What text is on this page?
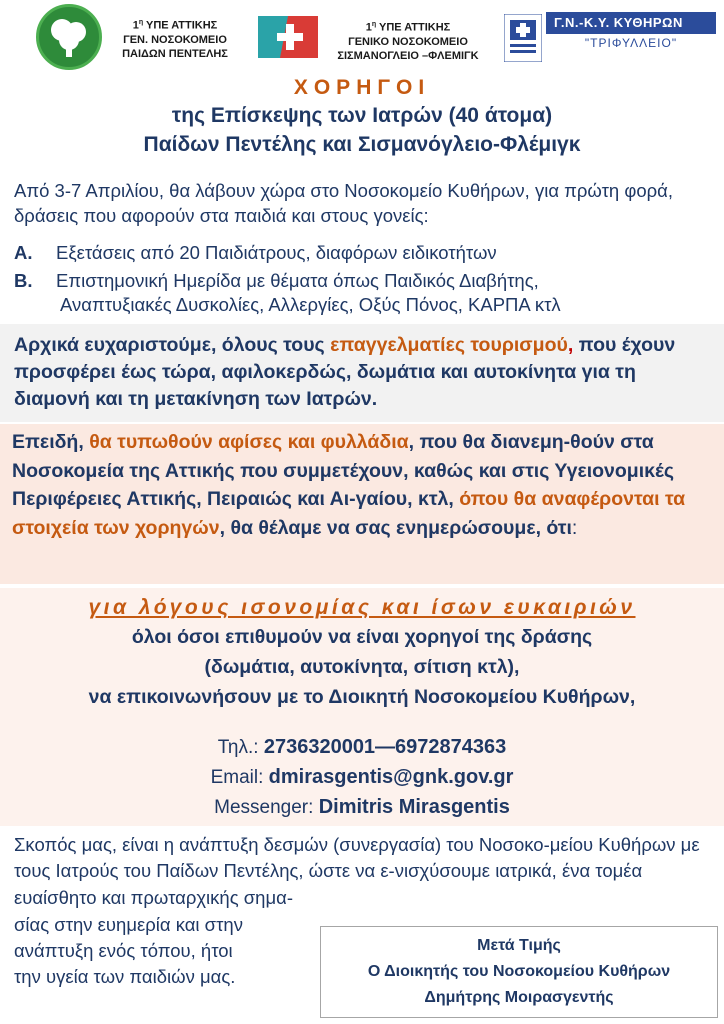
$1^\eta$ ΥΠΕ ΑΤΤΙΚΗΣ
ΓΕΝ. ΝΟΣΟΚΟΜΕΙΟ
ΠΑΙΔΩΝ ΠΕΝΤΕΛΗΣ
$1^\eta$ ΥΠΕ ΑΤΤΙΚΗΣ
ΓΕΝΙΚΟ ΝΟΣΟΚΟΜΕΙΟ
ΣΙΣΜΑΝΟΓΛΕΙΟ –ΦΛΕΜΙΓΚ
Γ.Ν.-Κ.Υ. ΚΥΘΗΡΩΝ
"ΤΡΙΦΥΛΛΕΙΟ"
ΧΟΡΗΓΟΙ
της Επίσκεψης των Ιατρών (40 άτομα)
Παίδων Πεντέλης και Σισμανόγλειο-Φλέμιγκ

Από 3-7 Απριλίου, θα λάβουν χώρα στο Νοσοκομείο Κυθήρων, για πρώτη φορά, δράσεις που αφορούν στα παιδιά και στους γονείς:

Α. Εξετάσεις από 20 Παιδιάτρους, διαφόρων ειδικοτήτων
Β. Επιστημονική Ημερίδα με θέματα όπως Παιδικός Διαβήτης,
Αναπτυξιακές Δυσκολίες, Αλλεργίες, Οξύς Πόνος, ΚΑΡΠΑ κτλ

Αρχικά ευχαριστούμε, όλους τους επαγγελματίες τουρισμού, που έχουν προσφέρει έως τώρα, αφιλοκερδώς, δωμάτια και αυτοκίνητα για τη διαμονή και τη μετακίνηση των Ιατρών.

Επειδή, θα τυπωθούν αφίσες και φυλλάδια, που θα διανεμη-θούν στα Νοσοκομεία της Αττικής που συμμετέχουν, καθώς και στις Υγειονομικές Περιφέρειες Αττικής, Πειραιώς και Αι-γαίου, κτλ, όπου θα αναφέρονται τα στοιχεία των χορηγών, θα θέλαμε να σας ενημερώσουμε, ότι:

για λόγους ισονομίας και ίσων ευκαιριών
όλοι όσοι επιθυμούν να είναι χορηγοί της δράσης
(δωμάτια, αυτοκίνητα, σίτιση κτλ),
να επικοινωνήσουν με το Διοικητή Νοσοκομείου Κυθήρων,
Τηλ.: 2736320001—6972874363
Email: dmirasgentis@gnk.gov.gr
Messenger: Dimitris Mirasgentis

Σκοπός μας, είναι η ανάπτυξη δεσμών (συνεργασία) του Νοσοκο-μείου Κυθήρων με τους Ιατρούς του Παίδων Πεντέλης, ώστε να ε-νισχύσουμε ιατρικά, ένα τομέα ευαίσθητο και πρωταρχικής σημα-

σίας στην ευημερία και στην
ανάπτυξη ενός τόπου, ήτοι
την υγεία των παιδιών μας.
Μετά Τιμής
Ο Διοικητής του Νοσοκομείου Κυθήρων
Δημήτρης Μοιρασγεντής
